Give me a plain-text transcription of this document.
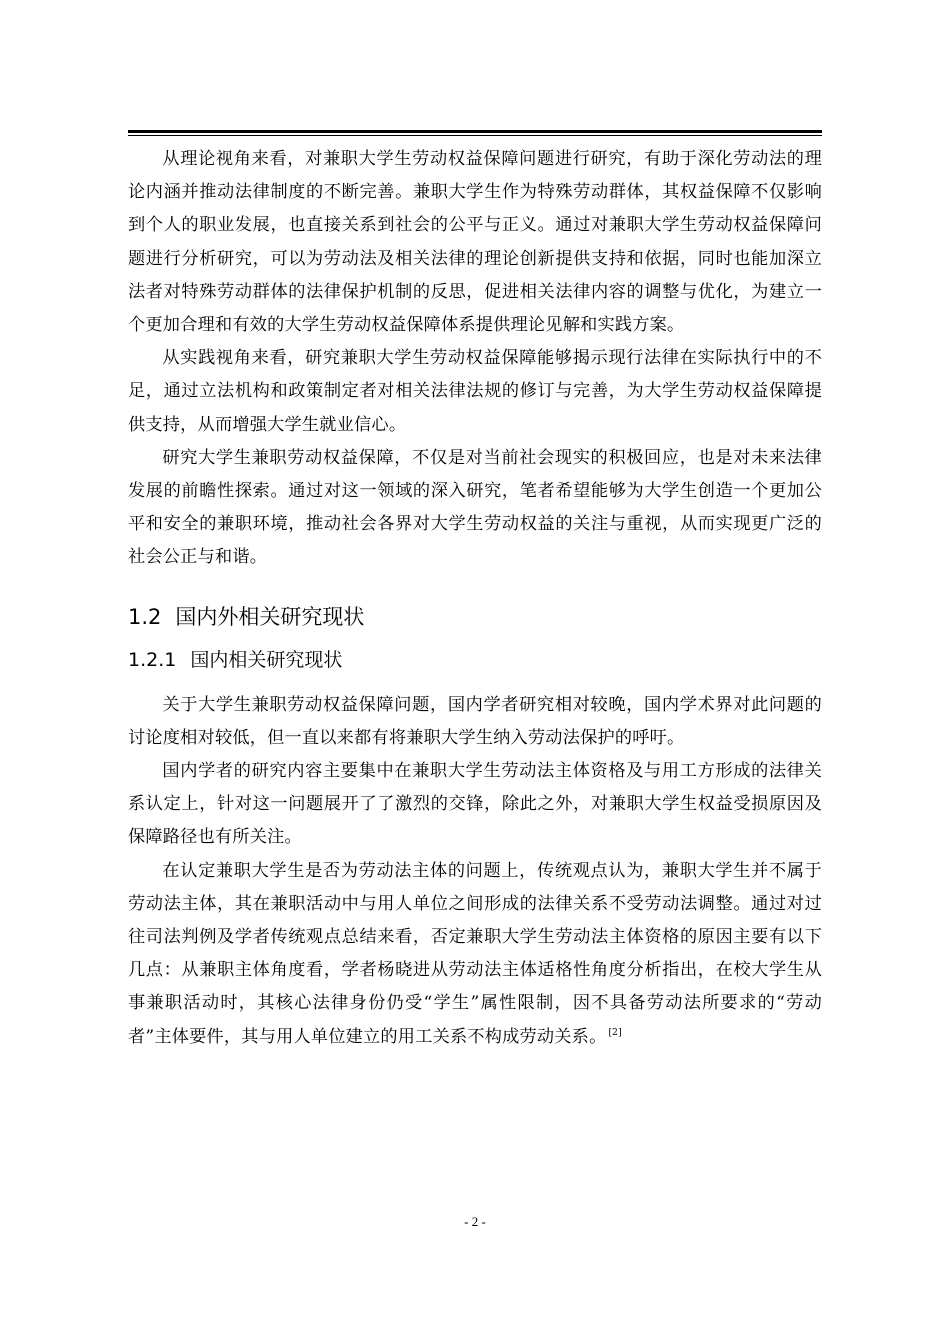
从理论视角来看，对兼职大学生劳动权益保障问题进行研究，有助于深化劳动法的理论内涵并推动法律制度的不断完善。兼职大学生作为特殊劳动群体，其权益保障不仅影响到个人的职业发展，也直接关系到社会的公平与正义。通过对兼职大学生劳动权益保障问题进行分析研究，可以为劳动法及相关法律的理论创新提供支持和依据，同时也能加深立法者对特殊劳动群体的法律保护机制的反思，促进相关法律内容的调整与优化，为建立一个更加合理和有效的大学生劳动权益保障体系提供理论见解和实践方案。

从实践视角来看，研究兼职大学生劳动权益保障能够揭示现行法律在实际执行中的不足，通过立法机构和政策制定者对相关法律法规的修订与完善，为大学生劳动权益保障提供支持，从而增强大学生就业信心。

研究大学生兼职劳动权益保障，不仅是对当前社会现实的积极回应，也是对未来法律发展的前瞻性探索。通过对这一领域的深入研究，笔者希望能够为大学生创造一个更加公平和安全的兼职环境，推动社会各界对大学生劳动权益的关注与重视，从而实现更广泛的社会公正与和谐。

1.2 国内外相关研究现状
1.2.1 国内相关研究现状

关于大学生兼职劳动权益保障问题，国内学者研究相对较晚，国内学术界对此问题的讨论度相对较低，但一直以来都有将兼职大学生纳入劳动法保护的呼吁。

国内学者的研究内容主要集中在兼职大学生劳动法主体资格及与用工方形成的法律关系认定上，针对这一问题展开了了激烈的交锋，除此之外，对兼职大学生权益受损原因及保障路径也有所关注。

在认定兼职大学生是否为劳动法主体的问题上，传统观点认为，兼职大学生并不属于劳动法主体，其在兼职活动中与用人单位之间形成的法律关系不受劳动法调整。通过对过往司法判例及学者传统观点总结来看，否定兼职大学生劳动法主体资格的原因主要有以下几点：从兼职主体角度看，学者杨晓进从劳动法主体适格性角度分析指出，在校大学生从事兼职活动时，其核心法律身份仍受“学生”属性限制，因不具备劳动法所要求的“劳动者”主体要件，其与用人单位建立的用工关系不构成劳动关系。 [2]

- 2 -
